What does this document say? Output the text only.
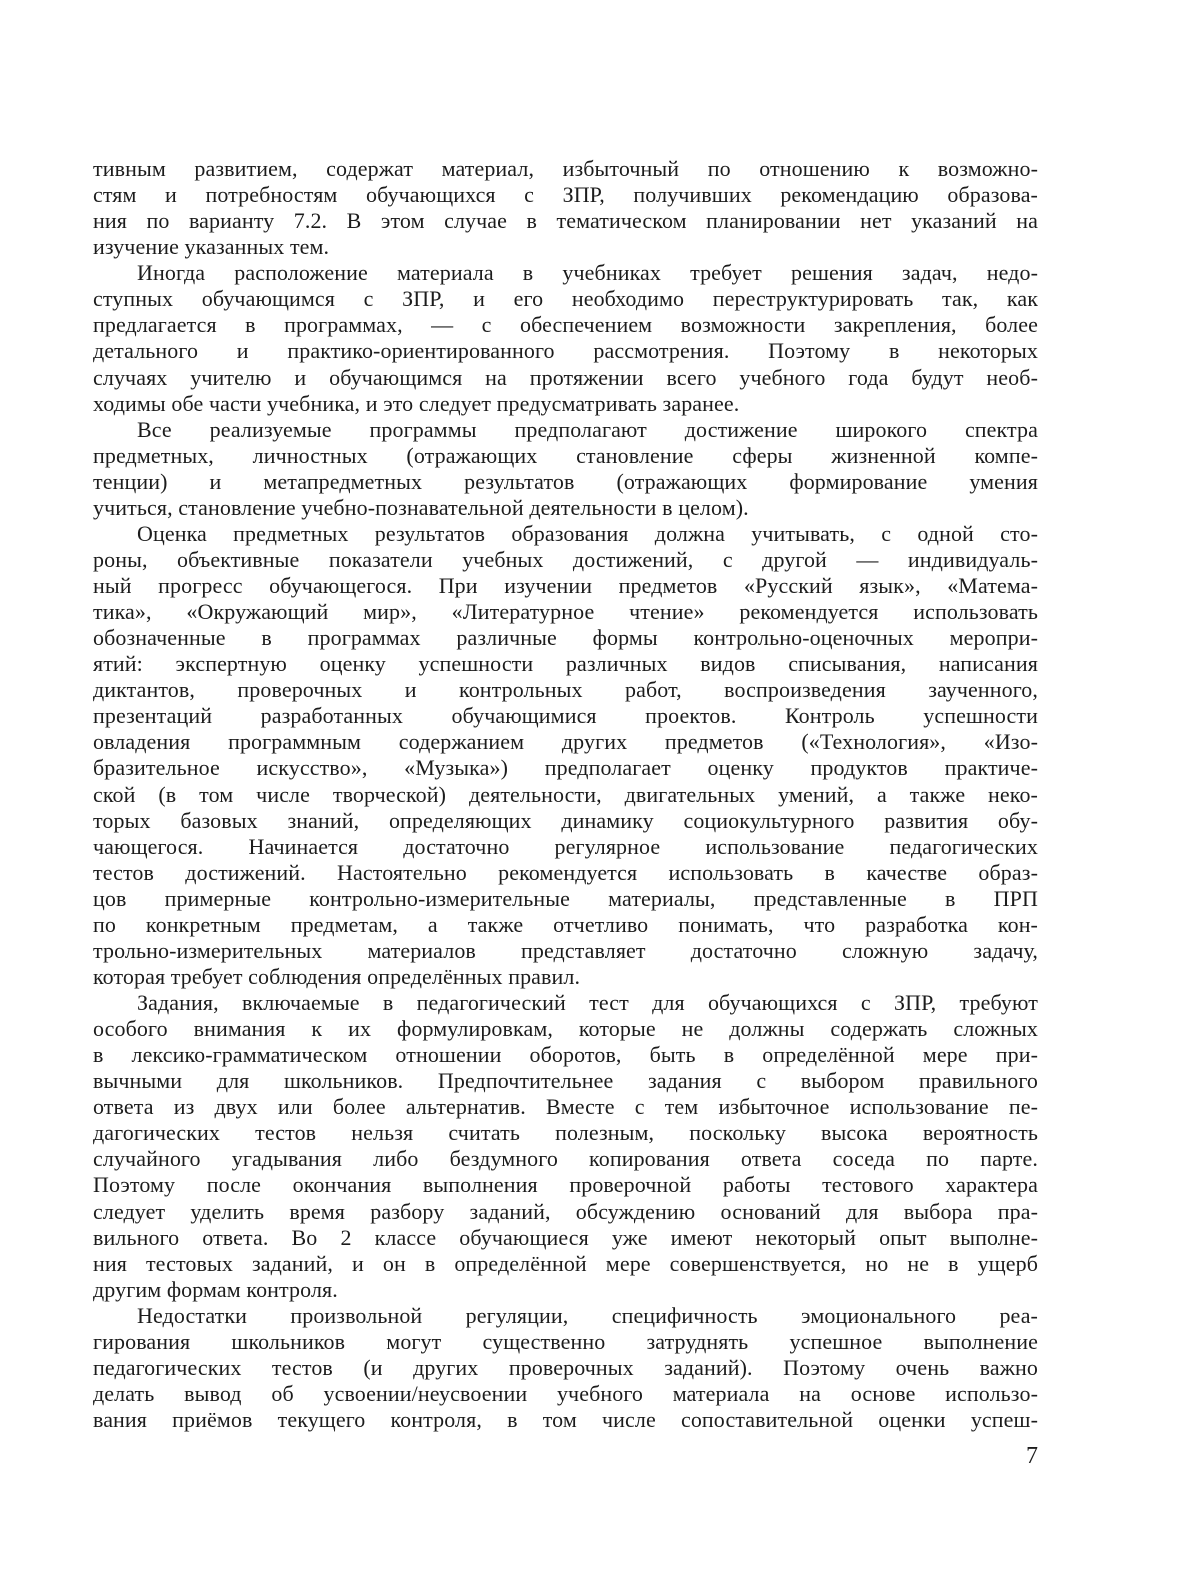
тивным развитием, содержат материал, избыточный по отношению к возможно-
стям и потребностям обучающихся с ЗПР, получивших рекомендацию образова-
ния по варианту 7.2. В этом случае в тематическом планировании нет указаний на
изучение указанных тем.
Иногда расположение материала в учебниках требует решения задач, недо-
ступных обучающимся с ЗПР, и его необходимо переструктурировать так, как
предлагается в программах, — с обеспечением возможности закрепления, более
детального и практико-ориентированного рассмотрения. Поэтому в некоторых
случаях учителю и обучающимся на протяжении всего учебного года будут необ-
ходимы обе части учебника, и это следует предусматривать заранее.
Все реализуемые программы предполагают достижение широкого спектра
предметных, личностных (отражающих становление сферы жизненной компе-
тенции) и метапредметных результатов (отражающих формирование умения
учиться, становление учебно-познавательной деятельности в целом).
Оценка предметных результатов образования должна учитывать, с одной сто-
роны, объективные показатели учебных достижений, с другой — индивидуаль-
ный прогресс обучающегося. При изучении предметов «Русский язык», «Матема-
тика», «Окружающий мир», «Литературное чтение» рекомендуется использовать
обозначенные в программах различные формы контрольно-оценочных меропри-
ятий: экспертную оценку успешности различных видов списывания, написания
диктантов, проверочных и контрольных работ, воспроизведения заученного,
презентаций разработанных обучающимися проектов. Контроль успешности
овладения программным содержанием других предметов («Технология», «Изо-
бразительное искусство», «Музыка») предполагает оценку продуктов практиче-
ской (в том числе творческой) деятельности, двигательных умений, а также неко-
торых базовых знаний, определяющих динамику социокультурного развития обу-
чающегося. Начинается достаточно регулярное использование педагогических
тестов достижений. Настоятельно рекомендуется использовать в качестве образ-
цов примерные контрольно-измерительные материалы, представленные в ПРП
по конкретным предметам, а также отчетливо понимать, что разработка кон-
трольно-измерительных материалов представляет достаточно сложную задачу,
которая требует соблюдения определённых правил.
Задания, включаемые в педагогический тест для обучающихся с ЗПР, требуют
особого внимания к их формулировкам, которые не должны содержать сложных
в лексико-грамматическом отношении оборотов, быть в определённой мере при-
вычными для школьников. Предпочтительнее задания с выбором правильного
ответа из двух или более альтернатив. Вместе с тем избыточное использование пе-
дагогических тестов нельзя считать полезным, поскольку высока вероятность
случайного угадывания либо бездумного копирования ответа соседа по парте.
Поэтому после окончания выполнения проверочной работы тестового характера
следует уделить время разбору заданий, обсуждению оснований для выбора пра-
вильного ответа. Во 2 классе обучающиеся уже имеют некоторый опыт выполне-
ния тестовых заданий, и он в определённой мере совершенствуется, но не в ущерб
другим формам контроля.
Недостатки произвольной регуляции, специфичность эмоционального реа-
гирования школьников могут существенно затруднять успешное выполнение
педагогических тестов (и других проверочных заданий). Поэтому очень важно
делать вывод об усвоении/неусвоении учебного материала на основе использо-
вания приёмов текущего контроля, в том числе сопоставительной оценки успеш-
7
